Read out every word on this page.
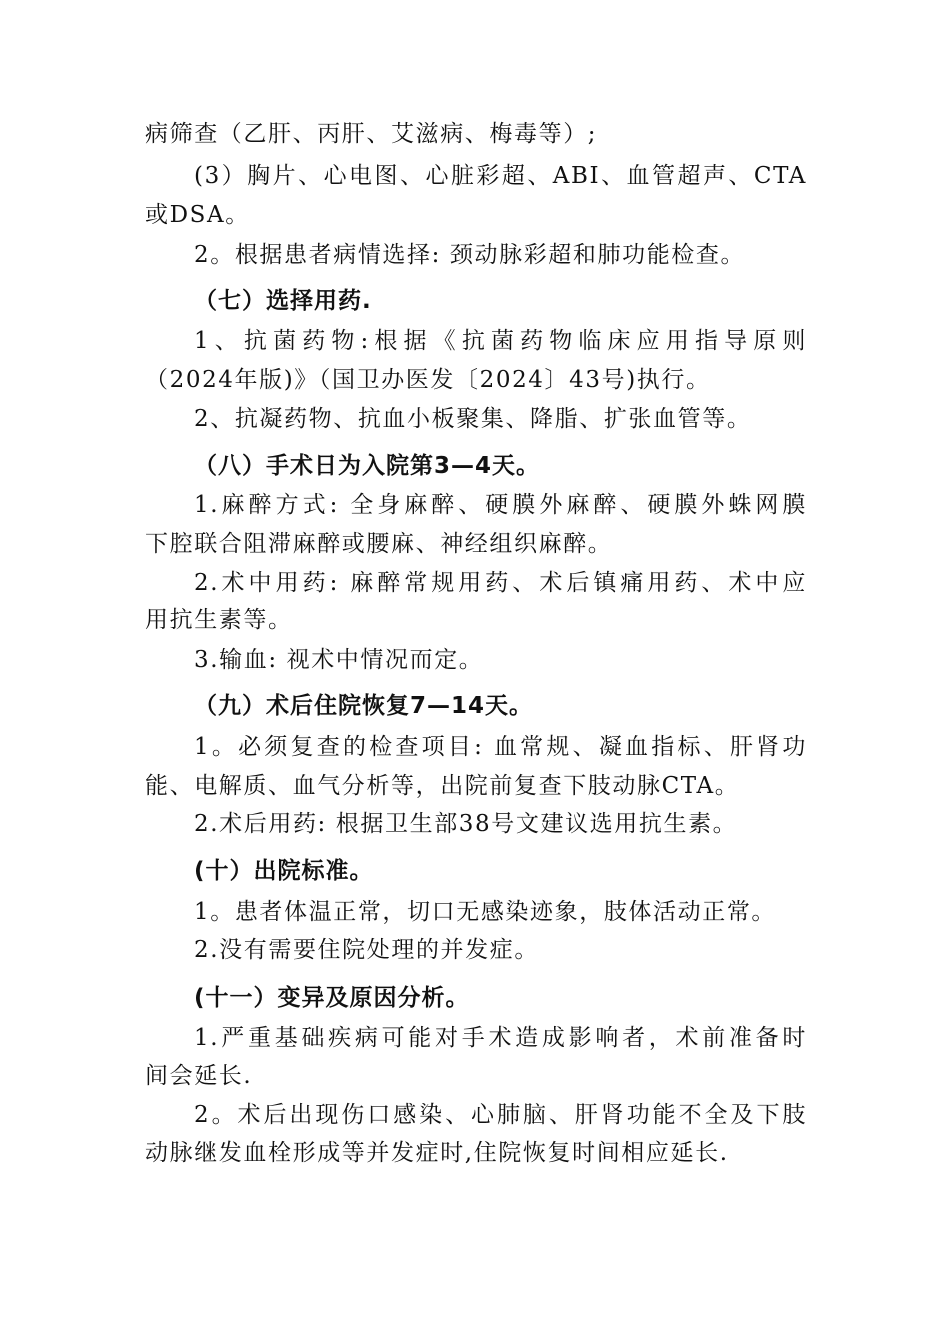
病筛查（乙肝、丙肝、艾滋病、梅毒等）;
(3）胸片、心电图、心脏彩超、ABI、血管超声、CTA
或DSA。
2。根据患者病情选择: 颈动脉彩超和肺功能检查。
（七）选择用药.
1、抗菌药物:根据《抗菌药物临床应用指导原则
（2024年版)》（国卫办医发〔2024〕43号)执行。
2、抗凝药物、抗血小板聚集、降脂、扩张血管等。
（八）手术日为入院第3—4天。
1.麻醉方式: 全身麻醉、硬膜外麻醉、硬膜外蛛网膜
下腔联合阻滞麻醉或腰麻、神经组织麻醉。
2.术中用药: 麻醉常规用药、术后镇痛用药、术中应
用抗生素等。
3.输血: 视术中情况而定。
（九）术后住院恢复7—14天。
1。必须复查的检查项目: 血常规、凝血指标、肝肾功
能、电解质、血气分析等，出院前复查下肢动脉CTA。
2.术后用药: 根据卫生部38号文建议选用抗生素。
(十）出院标准。
1。患者体温正常，切口无感染迹象，肢体活动正常。
2.没有需要住院处理的并发症。
(十一）变异及原因分析。
1.严重基础疾病可能对手术造成影响者，术前准备时
间会延长.
2。术后出现伤口感染、心肺脑、肝肾功能不全及下肢
动脉继发血栓形成等并发症时,住院恢复时间相应延长.
